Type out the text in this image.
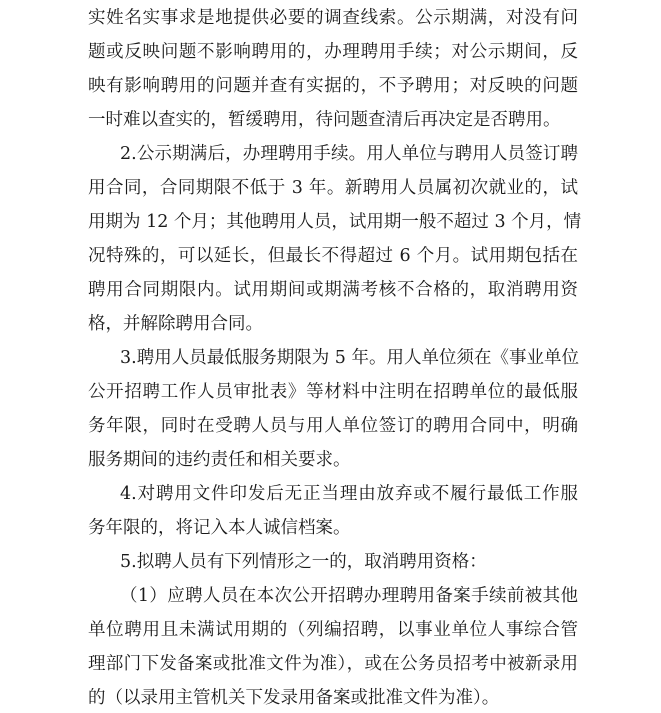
实姓名实事求是地提供必要的调查线索。公示期满，对没有问
题或反映问题不影响聘用的，办理聘用手续；对公示期间，反
映有影响聘用的问题并查有实据的，不予聘用；对反映的问题
一时难以查实的，暂缓聘用，待问题查清后再决定是否聘用。
2.公示期满后，办理聘用手续。用人单位与聘用人员签订聘
用合同，合同期限不低于 3 年。新聘用人员属初次就业的，试
用期为 12 个月；其他聘用人员，试用期一般不超过 3 个月，情
况特殊的，可以延长，但最长不得超过 6 个月。试用期包括在
聘用合同期限内。试用期间或期满考核不合格的，取消聘用资
格，并解除聘用合同。
3.聘用人员最低服务期限为 5 年。用人单位须在《事业单位
公开招聘工作人员审批表》等材料中注明在招聘单位的最低服
务年限，同时在受聘人员与用人单位签订的聘用合同中，明确
服务期间的违约责任和相关要求。
4.对聘用文件印发后无正当理由放弃或不履行最低工作服
务年限的，将记入本人诚信档案。
5.拟聘人员有下列情形之一的，取消聘用资格：
（1）应聘人员在本次公开招聘办理聘用备案手续前被其他
单位聘用且未满试用期的（列编招聘，以事业单位人事综合管
理部门下发备案或批准文件为准），或在公务员招考中被新录用
的（以录用主管机关下发录用备案或批准文件为准）。
